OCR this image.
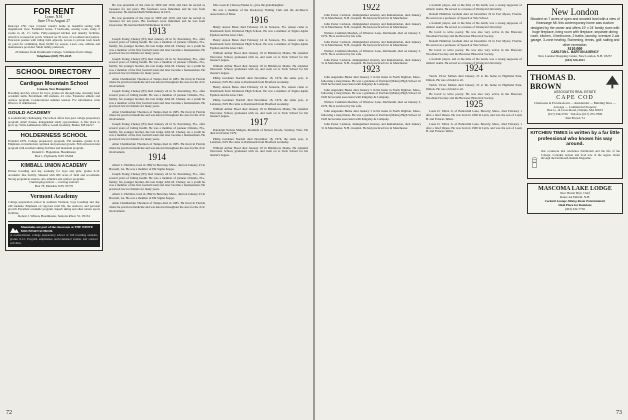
FOR RENT
Lyme, N.H.
June 19 to August 27
Restored 1791 cape colonial country home in beautiful setting with magnificent view. Furnished house, 3 bedrooms, sewing room, study, 6 rooms in all, 1½ baths. Fully-equipped kitchen and laundry facilities, attractive screened-in porch. Situated on 50 acres of woodland and pasture. Fenced-in pasture with riding trails adjacent. Access to private town beach on pond for swimming. Rent $1200 for season. Lawn care, utilities and maintenance provided. Small family preferred.
20 minutes from Dartmouth College. 5 minutes from village.
Telephone (603) 795-2645
SCHOOL DIRECTORY
Cardigan Mountain School
Canaan, New Hampshire
Boarding and day school for boys, grades six through nine, stressing basic academic skills. Enrollment 160 students, 4:1 ratio. Extensive athletic and outdoor program. Coeducational summer session. For information write Director of Admissions.
GOULD ACADEMY
is academically challenging. The school offers four-year college preparatory program, small classes, independent study opportunities. A fine place to grow up. Write Admissions Office, Gould Academy, Bethel, ME 04217.
HOLDERNESS SCHOOL
Founded 1879. College preparatory program. 250 students, grades 9-12. Emphasis on intellectual, spiritual and personal growth. Full extracurricular program with excellent skiing facilities and mountain program.
Donald C. Hagerman, Headmaster
Box 1, Plymouth, N.H. 03264
KIMBALL UNION ACADEMY
Private boarding and day academy for boys and girls, grades 9-12. Academic fine facility. Situated with 600 acres of field and woodlands. Strong program in science, arts, athletics and outdoor programs.
Challenging talents — inviting summer
Box 78, Meriden, N.H. 03770
Vermont Academy
College preparation school in southern Vermont, boys boarding and day. 240 students. Emphasis on vigorous rural life, the outdoors, and personal growth. Excellent academic program. Superb skiing and other winter sports facilities.
Robert J. Wilson, Headmaster, Saxtons River, Vt. 05154
Mountains are part of the classroom at THE WHITE MOUNTAIN SCHOOL
A coeducational, college preparatory school of 100 boarding students, grades 9-12. Program emphasizes environmental studies and outdoor activities.

He was president of the class in 1909 and 1910, and later he served as treasurer for ten years. His forebears were fishermen and he was from Gloucester. He married Ruth Whittemore in 1915.

He was president of the class in 1909 and 1910, and later he served as treasurer for ten years. His forebears were fishermen and he was from Gloucester. He married Ruth Whittemore in 1915.

1913

Joseph Young Cheney (83) died January 24 in St. Petersburg, Fla., after several years of failing health. He was a member of pioneer Orlando, Fla., family; his younger brother, the late Judge John M. Cheney. As a youth he was a member of the first football team and later became a businessman. He practiced law in Orlando for many years.

Joseph Young Cheney (83) died January 24 in St. Petersburg, Fla., after several years of failing health. He was a member of pioneer Orlando, Fla., family; his younger brother, the late Judge John M. Cheney. As a youth he was a member of the first football team and later became a businessman. He practiced law in Orlando for many years.

Allan Chamberlain Thornton of Tampa died in 1985. He lived in Florida where he practiced medicine and was known throughout the area for his civic involvement.

Joseph Young Cheney (83) died January 24 in St. Petersburg, Fla., after several years of failing health. He was a member of pioneer Orlando, Fla., family; his younger brother, the late Judge John M. Cheney. As a youth he was a member of the first football team and later became a businessman. He practiced law in Orlando for many years.

Allan Chamberlain Thornton of Tampa died in 1985. He lived in Florida where he practiced medicine and was known throughout the area for his civic involvement.

Joseph Young Cheney (83) died January 24 in St. Petersburg, Fla., after several years of failing health. He was a member of pioneer Orlando, Fla., family; his younger brother, the late Judge John M. Cheney. As a youth he was a member of the first football team and later became a businessman. He practiced law in Orlando for many years.

Allan Chamberlain Thornton of Tampa died in 1985. He lived in Florida where he practiced medicine and was known throughout the area for his civic involvement.

1914

Albert C. Hobbins, born in 1892 in Beverley, Mass., died on January 23 in Boswell, Ga. He was a member of Phi Sigma Kappa.

Joseph Young Cheney (83) died January 24 in St. Petersburg, Fla., after several years of failing health. He was a member of pioneer Orlando, Fla., family; his younger brother, the late Judge John M. Cheney. As a youth he was a member of the first football team and later became a businessman. He practiced law in Orlando for many years.

Albert C. Hobbins, born in 1892 in Beverley, Mass., died on January 23 in Boswell, Ga. He was a member of Phi Sigma Kappa.

Allan Chamberlain Thornton of Tampa died in 1985. He lived in Florida where he practiced medicine and was known throughout the area for his civic involvement.

Mrs. Leon R. (Teresa) Weeks Jr., gave the granddaughter.

He was a member of the Rockaway Fishing Club and the Architects Association of Mass.

1916

Henry Anson Bates died February 16 in Sarasota, Fla. Anson came to Dartmouth from Wollaston High School. He was a member of Sigma Alpha Epsilon and the Glee Club.

Henry Anson Bates died February 16 in Sarasota, Fla. Anson came to Dartmouth from Wollaston High School. He was a member of Sigma Alpha Epsilon and the Glee Club.

William Arthur Hood died January 18 in Biddeford, Maine. He attended Worcester School, graduated with us, and went on to Tuck School for his master's degree.

William Arthur Hood died January 18 in Biddeford, Maine. He attended Worcester School, graduated with us, and went on to Tuck School for his master's degree.

Philip Gardener Nordell died November 18, 1976, the same year, at Lebanon, N.H. He came to Dartmouth from Bradford Academy.

Henry Anson Bates died February 16 in Sarasota, Fla. Anson came to Dartmouth from Wollaston High School. He was a member of Sigma Alpha Epsilon and the Glee Club.

Philip Gardener Nordell died November 18, 1976, the same year, at Lebanon, N.H. He came to Dartmouth from Bradford Academy.

William Arthur Hood died January 18 in Biddeford, Maine. He attended Worcester School, graduated with us, and went on to Tuck School for his master's degree.

1917

Randolph Nelson Mulgan, President of Nelson Woods, Saxbury, Wisc. He died in October 1979.

Philip Gardener Nordell died November 18, 1976, the same year, at Lebanon, N.H. He came to Dartmouth from Bradford Academy.

William Arthur Hood died January 18 in Biddeford, Maine. He attended Worcester School, graduated with us, and went on to Tuck School for his master's degree.

72
1922

John Porter Carleton, distinguished attorney and humanitarian, died January 31 in Manchester, N.H., hospital. He had practiced law in Manchester.

John Porter Carleton, distinguished attorney and humanitarian, died January 31 in Manchester, N.H., hospital. He had practiced law in Manchester.

Wallace Cushman Meehan, of Winslow Lane, Dartmouth, died on January 3, 1979. He is survived by his wife.

John Porter Carleton, distinguished attorney and humanitarian, died January 31 in Manchester, N.H., hospital. He had practiced law in Manchester.

Wallace Cushman Meehan, of Winslow Lane, Dartmouth, died on January 3, 1979. He is survived by his wife.

John Porter Carleton, distinguished attorney and humanitarian, died January 31 in Manchester, N.H., hospital. He had practiced law in Manchester.

1923

John Augustine Burke died January 5 in his home in North Dighton, Mass., following a long illness. He was a graduate of Portland (Maine) High School. In 1920 he became associated with Kingsley & Company.

John Augustine Burke died January 5 in his home in North Dighton, Mass., following a long illness. He was a graduate of Portland (Maine) High School. In 1920 he became associated with Kingsley & Company.

Wallace Cushman Meehan, of Winslow Lane, Dartmouth, died on January 3, 1979. He is survived by his wife.

John Augustine Burke died January 5 in his home in North Dighton, Mass., following a long illness. He was a graduate of Portland (Maine) High School. In 1920 he became associated with Kingsley & Company.

John Porter Carleton, distinguished attorney and humanitarian, died January 31 in Manchester, N.H., hospital. He had practiced law in Manchester.

a football player, and at the time of his death, was a strong supporter of athletic teams. He served as a trustee of Wesleyan University.

Donald Hamilton Graham died on December 19 in Fort Myers, Florida. He served as a professor of Speech at Yale School.

a football player, and at the time of his death, was a strong supporter of athletic teams. He served as a trustee of Wesleyan University.

He loved to write poetry. He was also very active in the Brewster Woodland Society and the Brewster Historical Society.

Donald Hamilton Graham died on December 19 in Fort Myers, Florida. He served as a professor of Speech at Yale School.

He loved to write poetry. He was also very active in the Brewster Woodland Society and the Brewster Historical Society.

a football player, and at the time of his death, was a strong supporter of athletic teams. He served as a trustee of Wesleyan University.

1924

Varick Victor Mahan died January 23 at his home in Highland Park, Illinois. He was a friend to all.

Varick Victor Mahan died January 23 at his home in Highland Park, Illinois. He was a friend to all.

He loved to write poetry. He was also very active in the Brewster Woodland Society and the Brewster Historical Society.

1925

Louis D. Talbot Jr. of Bantavinh Lane, Beverly, Mass., died February 1 after a brief illness. He was born in 1900 in Lynn, and was the son of Louis B. and Frances Talbot.

Louis D. Talbot Jr. of Bantavinh Lane, Beverly, Mass., died February 1 after a brief illness. He was born in 1900 in Lynn, and was the son of Louis B. and Frances Talbot.

New London
Situated on 7 acres of open and wooded land with a view of Kearsarge Mt. this contemporary home was custom designed by the owner and offers 19' x 24' family room with huge fireplace, living room with fireplace, separate dining room, kitchen, 4 bedrooms, 2 baths, laundry, oversize 2-car garage, 3-zone heating. Swimming, tennis, golf, sailing and other recreation.
$110,000
CARLTON L. BARTON AGENCY
New London Shopping Center, New London, N.H. 03257
(603) 526-4611
THOMAS D. BROWN
ASSOCIATES REAL ESTATE
CAPE COD
Charleston in Provincetown — Residential — Building Sites — Acreage — Commercial Property
Box G, 14 Cross Road, Orleans, MA 02653
(617) 349-2726 · Toll-free (617) 255-7800
Tom Brown '51
KITCHEN TIMES is written by a far little professional who knows his way around.
Our cookbook that celebrates Dartmouth and the life of the College. Contains recipes and food lore of the region. Order through the Dartmouth Alumni Magazine.
MASCOMA LAKE LODGE
Your Hostel Bryn Chief
Route 4A Enfield, N.H.
Cocktail Lounge Dining Room Entertainment
Ideal Place for Reunions
(603) 632-7736
73
